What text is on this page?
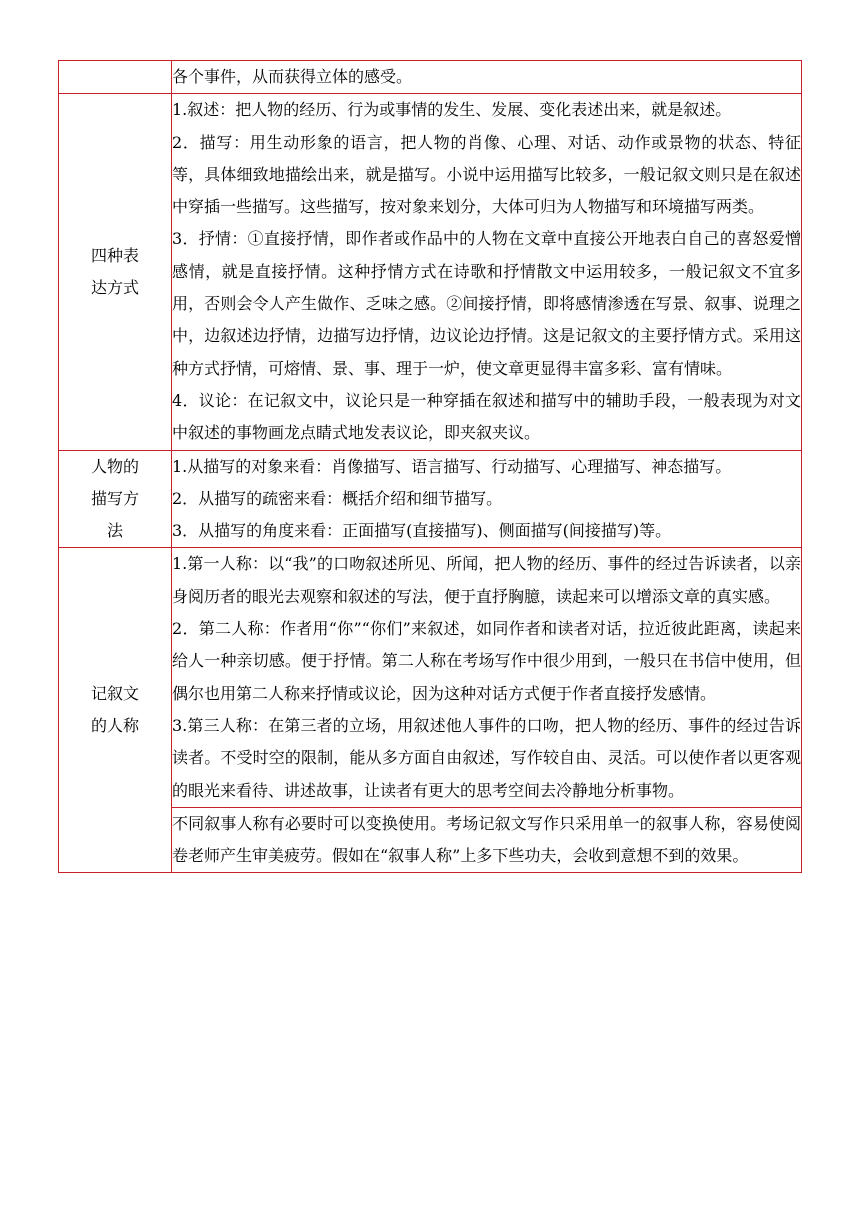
	各个事件，从而获得立体的感受。

四种表达方式	1.叙述：把人物的经历、行为或事情的发生、发展、变化表述出来，就是叙述。

2．描写：用生动形象的语言，把人物的肖像、心理、对话、动作或景物的状态、特征等，具体细致地描绘出来，就是描写。小说中运用描写比较多，一般记叙文则只是在叙述中穿插一些描写。这些描写，按对象来划分，大体可归为人物描写和环境描写两类。

3．抒情：①直接抒情，即作者或作品中的人物在文章中直接公开地表白自己的喜怒爱憎感情，就是直接抒情。这种抒情方式在诗歌和抒情散文中运用较多，一般记叙文不宜多用，否则会令人产生做作、乏味之感。②间接抒情，即将感情渗透在写景、叙事、说理之中，边叙述边抒情，边描写边抒情，边议论边抒情。这是记叙文的主要抒情方式。采用这种方式抒情，可熔情、景、事、理于一炉，使文章更显得丰富多彩、富有情味。

4．议论：在记叙文中，议论只是一种穿插在叙述和描写中的辅助手段，一般表现为对文中叙述的事物画龙点睛式地发表议论，即夹叙夹议。

人物的描写方法	1.从描写的对象来看：肖像描写、语言描写、行动描写、心理描写、神态描写。

2．从描写的疏密来看：概括介绍和细节描写。

3．从描写的角度来看：正面描写(直接描写)、侧面描写(间接描写)等。

记叙文的人称	1.第一人称：以“我”的口吻叙述所见、所闻，把人物的经历、事件的经过告诉读者，以亲身阅历者的眼光去观察和叙述的写法，便于直抒胸臆，读起来可以增添文章的真实感。

2．第二人称：作者用“你”“你们”来叙述，如同作者和读者对话，拉近彼此距离，读起来给人一种亲切感。便于抒情。第二人称在考场写作中很少用到，一般只在书信中使用，但偶尔也用第二人称来抒情或议论，因为这种对话方式便于作者直接抒发感情。

3.第三人称：在第三者的立场，用叙述他人事件的口吻，把人物的经历、事件的经过告诉读者。不受时空的限制，能从多方面自由叙述，写作较自由、灵活。可以使作者以更客观的眼光来看待、讲述故事，让读者有更大的思考空间去冷静地分析事物。

	不同叙事人称有必要时可以变换使用。考场记叙文写作只采用单一的叙事人称，容易使阅卷老师产生审美疲劳。假如在“叙事人称”上多下些功夫，会收到意想不到的效果。
